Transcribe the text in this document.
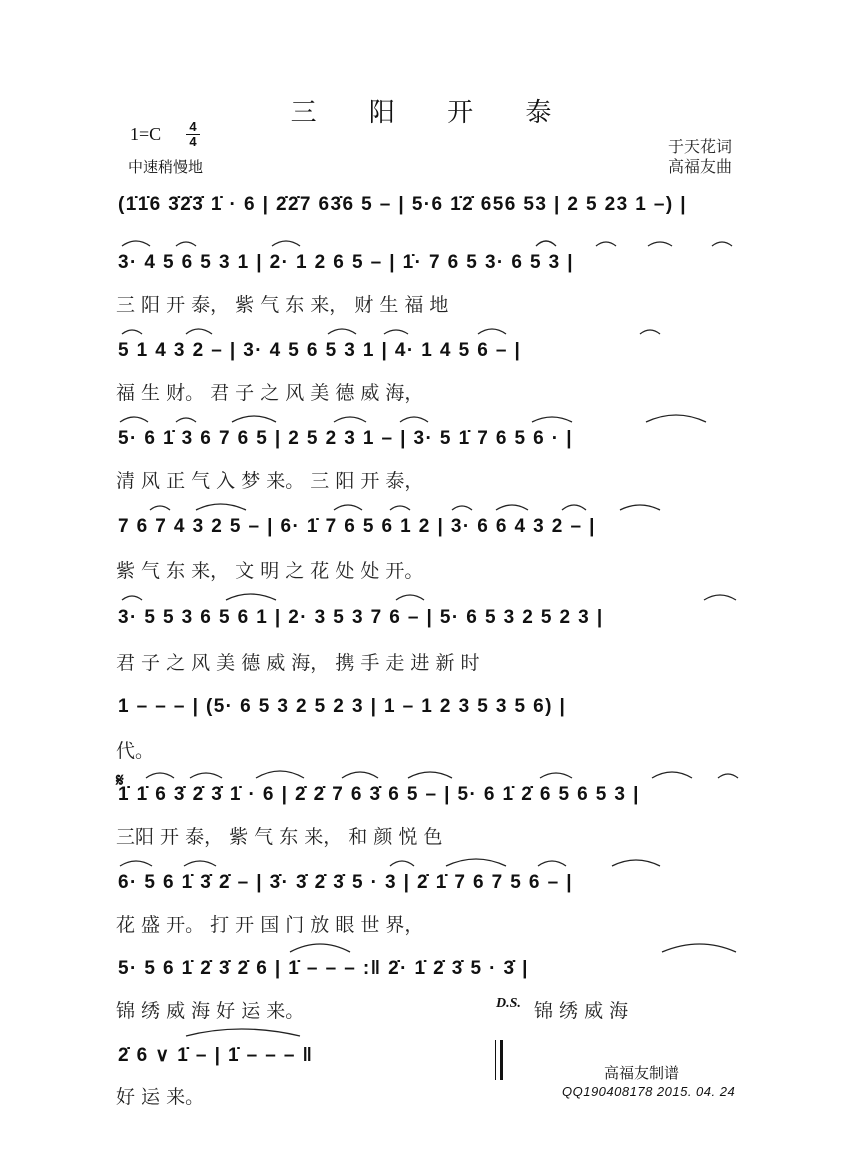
三 阳 开 泰
1=C 4
4
中速稍慢地
于天花词
高福友曲
(1̇1̇6 3̇2̇3̇ 1̇ · 6 | 2̇2̇7 63̇6 5 – | 5·6 1̇2̇ 656 53 | 2 5 23 1 –) |
3· 4 5 6 5 3 1 | 2· 1 2 6 5 – | 1̇· 7 6 5 3· 6 5 3 |
三 阳 开 泰， 紫 气 东 来， 财 生 福 地
5 1 4 3 2 – | 3· 4 5 6 5 3 1 | 4· 1 4 5 6 – |
福 生 财。 君 子 之 风 美 德 威 海，
5· 6 1̇ 3 6 7 6 5 | 2 5 2 3 1 – | 3· 5 1̇ 7 6 5 6 · |
清 风 正 气 入 梦 来。 三 阳 开 泰，
7 6 7 4 3 2 5 – | 6· 1̇ 7 6 5 6 1 2 | 3· 6 6 4 3 2 – |
紫 气 东 来， 文 明 之 花 处 处 开。
3· 5 5 3 6 5 6 1 | 2· 3 5 3 7 6 – | 5· 6 5 3 2 5 2 3 |
君 子 之 风 美 德 威 海， 携 手 走 进 新 时
1 – – – | (5· 6 5 3 2 5 2 3 | 1 – 1 2 3 5 3 5 6) |
代。
𝄋
1̇ 1̇ 6 3̇ 2̇ 3̇ 1̇ · 6 | 2̇ 2̇ 7 6 3̇ 6 5 – | 5· 6 1̇ 2̇ 6 5 6 5 3 |
三阳 开 泰， 紫 气 东 来， 和 颜 悦 色
6· 5 6 1̇ 3̇ 2̇ – | 3̇· 3̇ 2̇ 3̇ 5 · 3 | 2̇ 1̇ 7 6 7 5 6 – |
花 盛 开。 打 开 国 门 放 眼 世 界，
5· 5 6 1̇ 2̇ 3̇ 2̇ 6 | 1̇ – – – :‖ 2̇· 1̇ 2̇ 3̇ 5 · 3̇ |
锦 绣 威 海 好 运 来。	D.S. 锦 绣 威 海
2̇ 6 ∨ 1̇ – | 1̇ – – – ‖
好 运 来。
高福友制谱
QQ190408178 2015. 04. 24
